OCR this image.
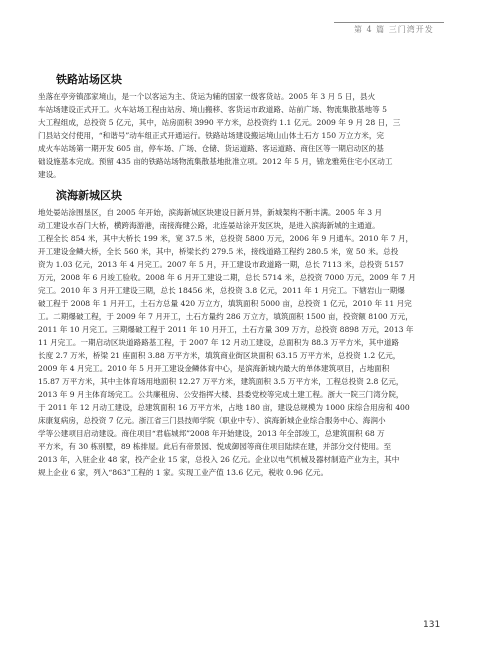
第 4 篇 三门湾开发
铁路站场区块
坐落在亭旁镇邵家境山，是一个以客运为主、货运为辅的国家一级客货站。2005 年 3 月 5 日，县火
车站场建设正式开工。火车站场工程由站房、境山搬移、客货运市政道路、站前广场、物流集散基地等 5
大工程组成，总投资 5 亿元，其中，站房面积 3990 平方米，总投资约 1.1 亿元。2009 年 9 月 28 日，三
门县站交付使用，“和谐号”动车组正式开通运行。铁路站场建设搬运境山山体土石方 150 万立方米，完
成火车站场第一期开发 605 亩，停车场、广场、仓储、货运道路、客运道路、商住区等一期启动区的基
础设施基本完成。预留 435 亩的铁路站场物流集散基地批准立项。2012 年 5 月，锦龙雅苑住宅小区动工
建设。
滨海新城区块
地处晏站涂围垦区，自 2005 年开始，滨海新城区块建设日新月异，新城架构不断丰满。2005 年 3 月
动工建设水吞门大桥，横跨海游港，南接海健公路，北连晏站涂开发区块，是进入滨海新城的主通道。
工程全长 854 米，其中大桥长 199 米，宽 37.5 米，总投资 5800 万元，2006 年 9 月通车。2010 年 7 月，
开工建设金鳞大桥，全长 560 米，其中，桥梁长约 279.5 米，接线道路工程约 280.5 米，宽 50 米。总投
资为 1.03 亿元，2013 年 4 月完工。2007 年 5 月，开工建设市政道路一期，总长 7113 米，总投资 5157
万元，2008 年 6 月竣工验收。2008 年 6 月开工建设二期，总长 5714 米，总投资 7000 万元，2009 年 7 月
完工。2010 年 3 月开工建设三期，总长 18456 米，总投资 3.8 亿元，2011 年 1 月完工。下辖岩山一期爆
破工程于 2008 年 1 月开工，土石方总量 420 万立方，填筑面积 5000 亩，总投资 1 亿元，2010 年 11 月完
工。二期爆破工程，于 2009 年 7 月开工，土石方量约 286 万立方，填筑面积 1500 亩，投资额 8100 万元，
2011 年 10 月完工。三期爆破工程于 2011 年 10 月开工，土石方量 309 万方，总投资 8898 万元，2013 年
11 月完工。一期启动区块道路路基工程，于 2007 年 12 月动工建设，总面积为 88.3 万平方米，其中道路
长度 2.7 万米，桥梁 21 座面积 3.88 万平方米，填筑商业街区块面积 63.15 万平方米，总投资 1.2 亿元，
2009 年 4 月完工。2010 年 5 月开工建设金鳞体育中心，是滨海新城内最大的单体建筑项目，占地面积
15.87 万平方米，其中主体育场用地面积 12.27 万平方米，建筑面积 3.5 万平方米，工程总投资 2.8 亿元，
2013 年 9 月主体育场完工。公共廉租房、公安指挥大楼、县委党校等完成土建工程。浙大一院三门湾分院，
于 2011 年 12 月动工建设，总建筑面积 16 万平方米，占地 180 亩，建设总规模为 1000 床综合用房和 400
床康复病房，总投资 7 亿元。浙江省三门县技师学院（职业中专）、滨海新城企业综合服务中心、海润小
学等公建项目启动建设。商住项目“君临城邦”2008 年开始建设，2013 年全部竣工，总建筑面积 68 万
平方米，有 30 栋别墅，89 栋排屋。此后有帝景园、悦成御园等商住项目陆续在建，并部分交付使用。至
2013 年，入驻企业 48 家，投产企业 15 家，总投入 26 亿元。企业以电气机械及器材制造产业为主，其中
规上企业 6 家，列入“863”工程的 1 家。实现工业产值 13.6 亿元，税收 0.96 亿元。
131
